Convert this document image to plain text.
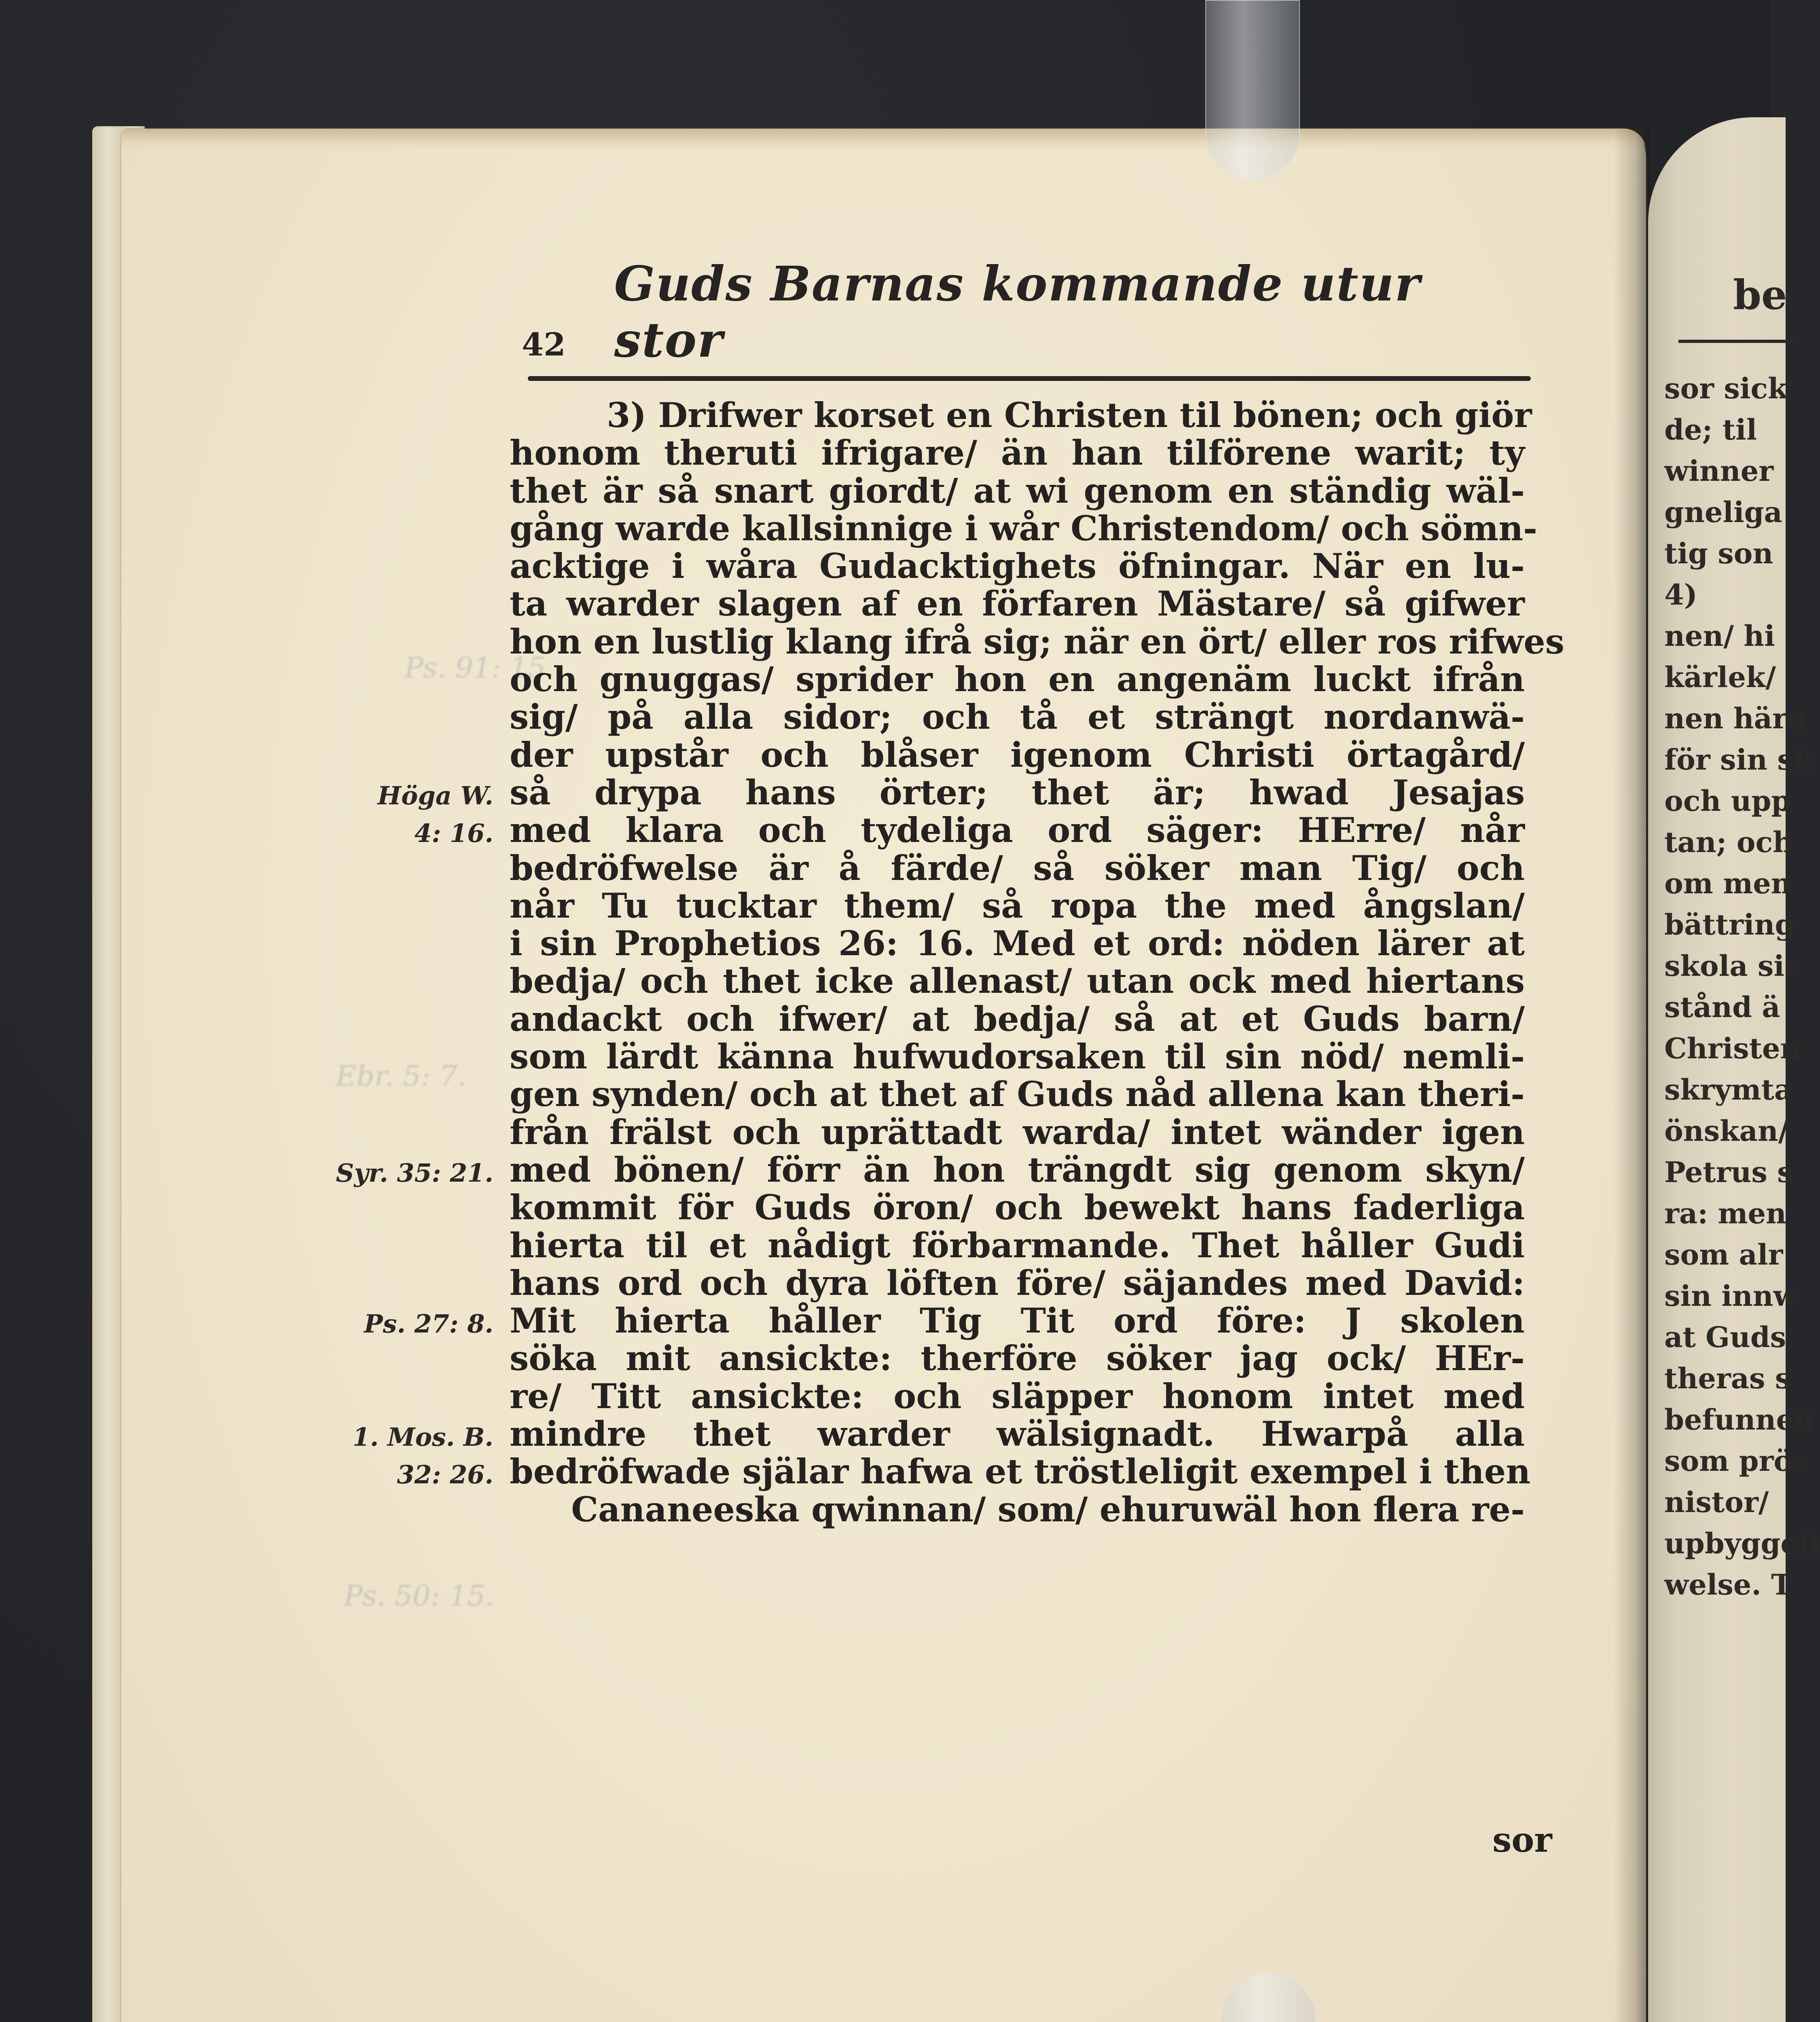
be
sor sick
de; til
winner
gneliga
tig son
4)
nen/ hi
kärlek/
nen häru
för sin sk
och upp
tan; och
om men
bättring
skola sic
stånd ä
Christen
skrymta
önskan/
Petrus s
ra: men
som alr
sin innw
at Guds
theras s
befunnen
som prös
nistor/
upbyggeli
welse. T
42
Guds Barnas kommande utur stor
Höga W.
4: 16.
Syr. 35: 21.
Ps. 27: 8.
1. Mos. B.
32: 26.
Ebr. 5: 7.
Ps. 50: 15.
Ps. 91: 15.
3) Drifwer korset en Christen til bönen; och giör
honom theruti ifrigare/ än han tilförene warit; ty
thet är så snart giordt/ at wi genom en ständig wäl-
gång warde kallsinnige i wår Christendom/ och sömn-
acktige i wåra Gudacktighets öfningar. När en lu-
ta warder slagen af en förfaren Mästare/ så gifwer
hon en lustlig klang ifrå sig; när en ört/ eller ros rifwes
och gnuggas/ sprider hon en angenäm luckt ifrån
sig/ på alla sidor; och tå et strängt nordanwä-
der upstår och blåser igenom Christi örtagård/
så drypa hans örter; thet är; hwad Jesajas
med klara och tydeliga ord säger: HErre/ når
bedröfwelse är å färde/ så söker man Tig/ och
når Tu tucktar them/ så ropa the med ångslan/
i sin Prophetios 26: 16. Med et ord: nöden lärer at
bedja/ och thet icke allenast/ utan ock med hiertans
andackt och ifwer/ at bedja/ så at et Guds barn/
som lärdt känna hufwudorsaken til sin nöd/ nemli-
gen synden/ och at thet af Guds nåd allena kan theri-
från frälst och uprättadt warda/ intet wänder igen
med bönen/ förr än hon trängdt sig genom skyn/
kommit för Guds öron/ och bewekt hans faderliga
hierta til et nådigt förbarmande. Thet håller Gudi
hans ord och dyra löften före/ säjandes med David:
Mit hierta håller Tig Tit ord före: J skolen
söka mit ansickte: therföre söker jag ock/ HEr-
re/ Titt ansickte: och släpper honom intet med
mindre thet warder wälsignadt. Hwarpå alla
bedröfwade själar hafwa et tröstleligit exempel i then
Cananeeska qwinnan/ som/ ehuruwäl hon flera re-
sor
